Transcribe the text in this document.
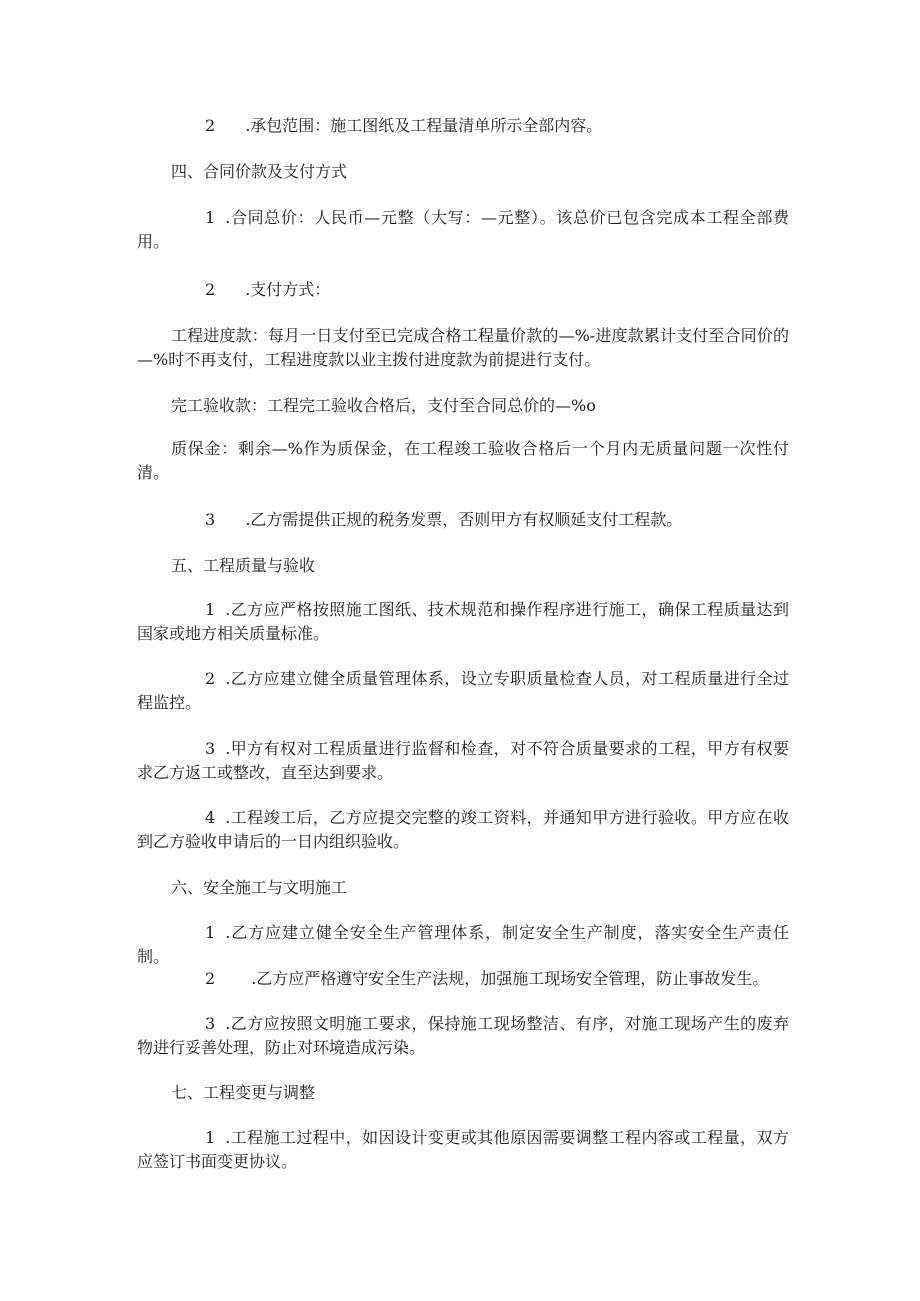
2 .承包范围：施工图纸及工程量清单所示全部内容。

四、合同价款及支付方式

1 .合同总价：人民币—元整（大写：—元整）。该总价已包含完成本工程全部费用。

2 .支付方式：

工程进度款：每月一日支付至已完成合格工程量价款的—%-进度款累计支付至合同价的—%时不再支付，工程进度款以业主拨付进度款为前提进行支付。

完工验收款：工程完工验收合格后，支付至合同总价的—%o

质保金：剩余—%作为质保金，在工程竣工验收合格后一个月内无质量问题一次性付清。

3 .乙方需提供正规的税务发票，否则甲方有权顺延支付工程款。

五、工程质量与验收

1 .乙方应严格按照施工图纸、技术规范和操作程序进行施工，确保工程质量达到国家或地方相关质量标准。

2 .乙方应建立健全质量管理体系，设立专职质量检查人员，对工程质量进行全过程监控。

3 .甲方有权对工程质量进行监督和检查，对不符合质量要求的工程，甲方有权要求乙方返工或整改，直至达到要求。

4 .工程竣工后，乙方应提交完整的竣工资料，并通知甲方进行验收。甲方应在收到乙方验收申请后的一日内组织验收。

六、安全施工与文明施工

1 .乙方应建立健全安全生产管理体系，制定安全生产制度，落实安全生产责任制。

2 .乙方应严格遵守安全生产法规，加强施工现场安全管理，防止事故发生。

3 .乙方应按照文明施工要求，保持施工现场整洁、有序，对施工现场产生的废弃物进行妥善处理，防止对环境造成污染。

七、工程变更与调整

1 .工程施工过程中，如因设计变更或其他原因需要调整工程内容或工程量，双方应签订书面变更协议。
